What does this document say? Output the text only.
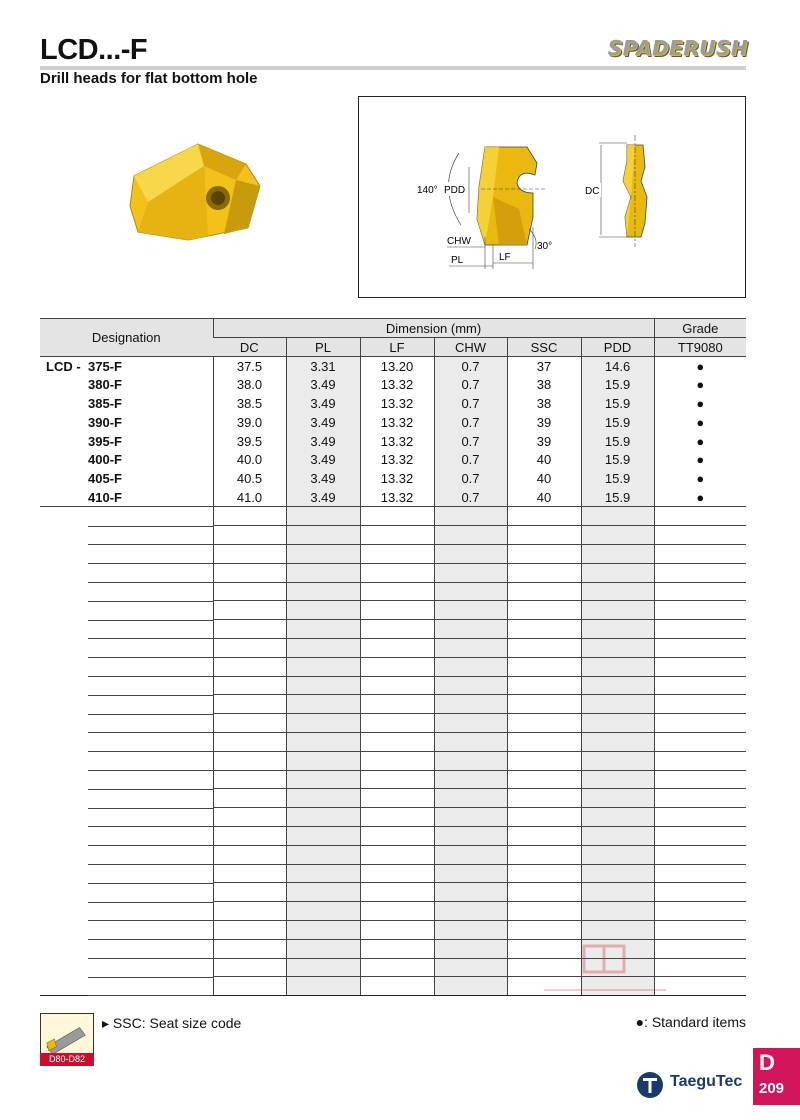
LCD...-F	SPADERUSH
Drill heads for flat bottom hole
140° PDD
CHW
PL	LF
30°
DC
Designation	Dimension (mm)						Grade
	DC	PL	LF	CHW	SSC	PDD	TT9080
LCD - 375-F	37.5	3.31	13.20	0.7	37	14.6	●
380-F	38.0	3.49	13.32	0.7	38	15.9	●
385-F	38.5	3.49	13.32	0.7	38	15.9	●
390-F	39.0	3.49	13.32	0.7	39	15.9	●
395-F	39.5	3.49	13.32	0.7	39	15.9	●
400-F	40.0	3.49	13.32	0.7	40	15.9	●
405-F	40.5	3.49	13.32	0.7	40	15.9	●
410-F	41.0	3.49	13.32	0.7	40	15.9	●

D80-D82
▸ SSC: Seat size code	●: Standard items
TaeguTec
D
209
